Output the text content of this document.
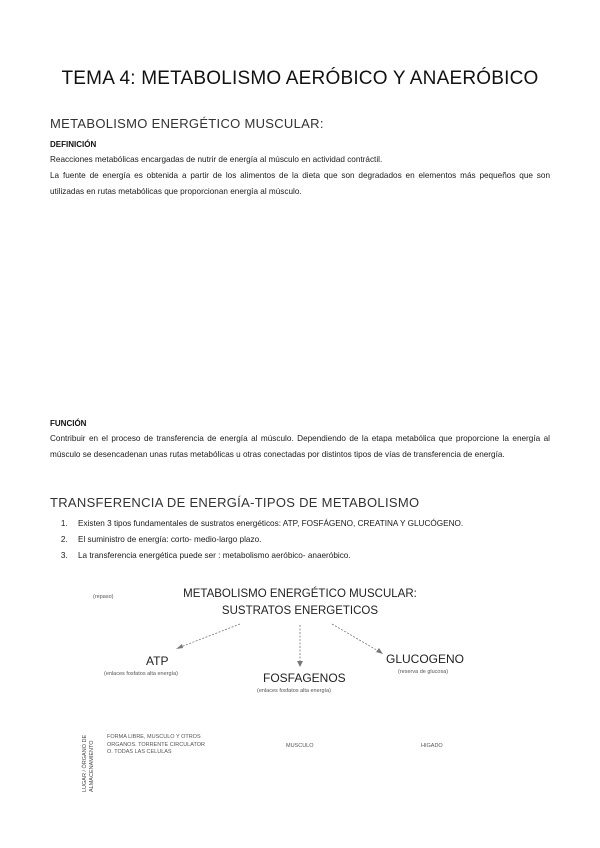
TEMA 4: METABOLISMO AERÓBICO Y ANAERÓBICO
METABOLISMO ENERGÉTICO MUSCULAR:
DEFINICIÓN

Reacciones metabólicas encargadas de nutrir de energía al músculo en actividad contráctil.

La fuente de energía es obtenida a partir de los alimentos de la dieta que son degradados en elementos más pequeños que son utilizadas en rutas metabólicas que proporcionan energía al músculo.

FUNCIÓN

Contribuir en el proceso de transferencia de energía al músculo. Dependiendo de la etapa metabólica que proporcione la energía al músculo se desencadenan unas rutas metabólicas u otras conectadas por distintos tipos de vías de transferencia de energía.

TRANSFERENCIA DE ENERGÍA-TIPOS DE METABOLISMO
1. Existen 3 tipos fundamentales de sustratos energéticos: ATP, FOSFÁGENO, CREATINA Y GLUCÓGENO.
2. El suministro de energía: corto- medio-largo plazo.
3. La transferencia energética puede ser : metabolismo aeróbico- anaeróbico.
(repaso)	METABOLISMO ENERGÉTICO MUSCULAR:
SUSTRATOS ENERGETICOS
ATP
(enlaces fosfatos alta energía)	FOSFAGENOS
(enlaces fosfatos alta energía)
GLUCOGENO
(reserva de glucosa)
LUGAR / ÓRGANO DE ALMACENAMIENTO
FORMA LIBRE, MUSCULO Y OTROS ORGANOS. TORRENTE CIRCULATOR O. TODAS LAS CELULAS
MUSCULO	HIGADO
